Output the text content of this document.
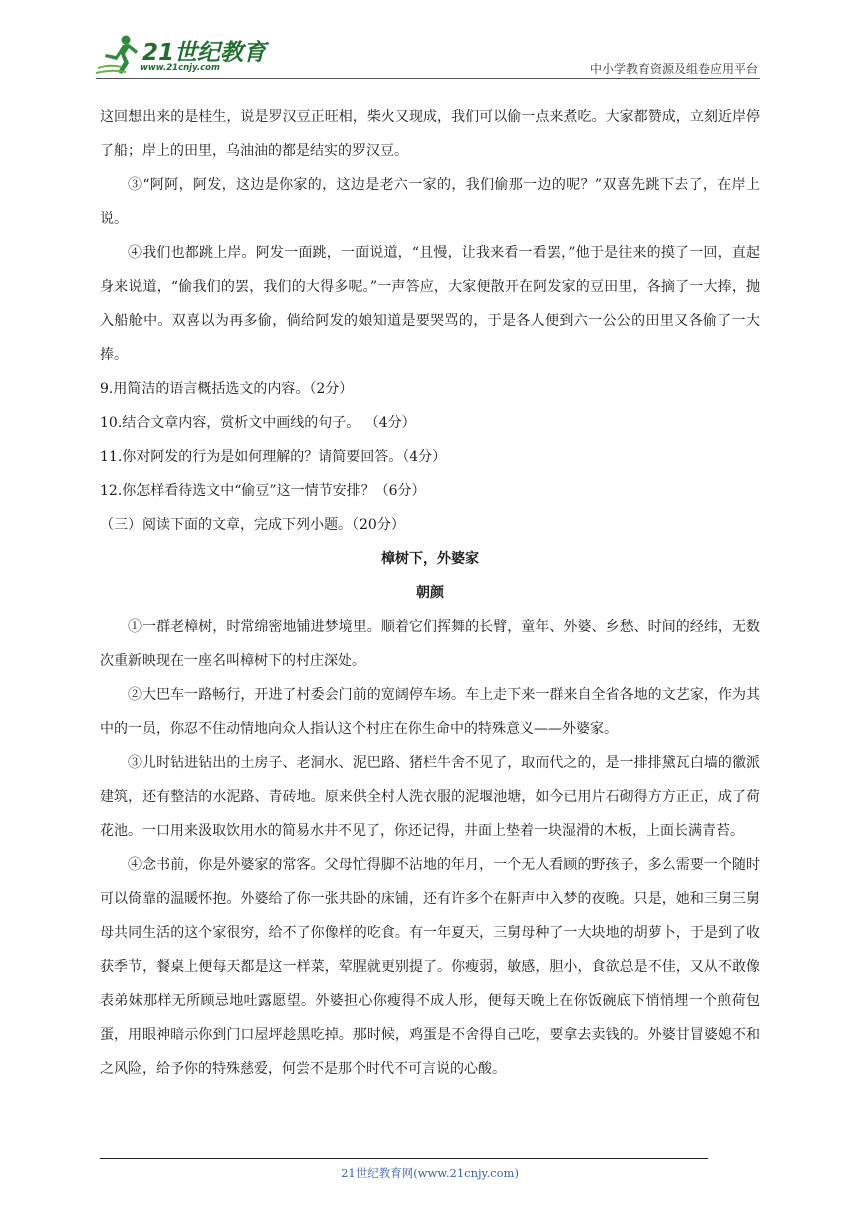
21世纪教育
www.21cnjy.com	中小学教育资源及组卷应用平台

这回想出来的是桂生，说是罗汉豆正旺相，柴火又现成，我们可以偷一点来煮吃。大家都赞成，立刻近岸停了船；岸上的田里，乌油油的都是结实的罗汉豆。

③“阿阿，阿发，这边是你家的，这边是老六一家的，我们偷那一边的呢？”双喜先跳下去了，在岸上说。

④我们也都跳上岸。阿发一面跳，一面说道，“且慢，让我来看一看罢，”他于是往来的摸了一回，直起身来说道，“偷我们的罢，我们的大得多呢。”一声答应，大家便散开在阿发家的豆田里，各摘了一大捧，抛入船舱中。双喜以为再多偷，倘给阿发的娘知道是要哭骂的，于是各人便到六一公公的田里又各偷了一大捧。

9.用简洁的语言概括选文的内容。（2分）

10.结合文章内容，赏析文中画线的句子。 （4分）

11.你对阿发的行为是如何理解的？请简要回答。（4分）

12.你怎样看待选文中“偷豆”这一情节安排？（6分）

（三）阅读下面的文章，完成下列小题。（20分）

樟树下，外婆家

朝颜

①一群老樟树，时常绵密地铺进梦境里。顺着它们挥舞的长臂，童年、外婆、乡愁、时间的经纬，无数次重新映现在一座名叫樟树下的村庄深处。

②大巴车一路畅行，开进了村委会门前的宽阔停车场。车上走下来一群来自全省各地的文艺家，作为其中的一员，你忍不住动情地向众人指认这个村庄在你生命中的特殊意义——外婆家。

③儿时钻进钻出的土房子、老洞水、泥巴路、猪栏牛舍不见了，取而代之的，是一排排黛瓦白墙的徽派建筑，还有整洁的水泥路、青砖地。原来供全村人洗衣服的泥堰池塘，如今已用片石砌得方方正正，成了荷花池。一口用来汲取饮用水的简易水井不见了，你还记得，井面上垫着一块湿滑的木板，上面长满青苔。

④念书前，你是外婆家的常客。父母忙得脚不沾地的年月，一个无人看顾的野孩子，多么需要一个随时可以倚靠的温暖怀抱。外婆给了你一张共卧的床铺，还有许多个在鼾声中入梦的夜晚。只是，她和三舅三舅母共同生活的这个家很穷，给不了你像样的吃食。有一年夏天，三舅母种了一大块地的胡萝卜，于是到了收获季节，餐桌上便每天都是这一样菜，荤腥就更别提了。你瘦弱，敏感，胆小，食欲总是不佳，又从不敢像表弟妹那样无所顾忌地吐露愿望。外婆担心你瘦得不成人形，便每天晚上在你饭碗底下悄悄埋一个煎荷包蛋，用眼神暗示你到门口屋坪趁黑吃掉。那时候，鸡蛋是不舍得自己吃，要拿去卖钱的。外婆甘冒婆媳不和之风险，给予你的特殊慈爱，何尝不是那个时代不可言说的心酸。

21世纪教育网(www.21cnjy.com)
